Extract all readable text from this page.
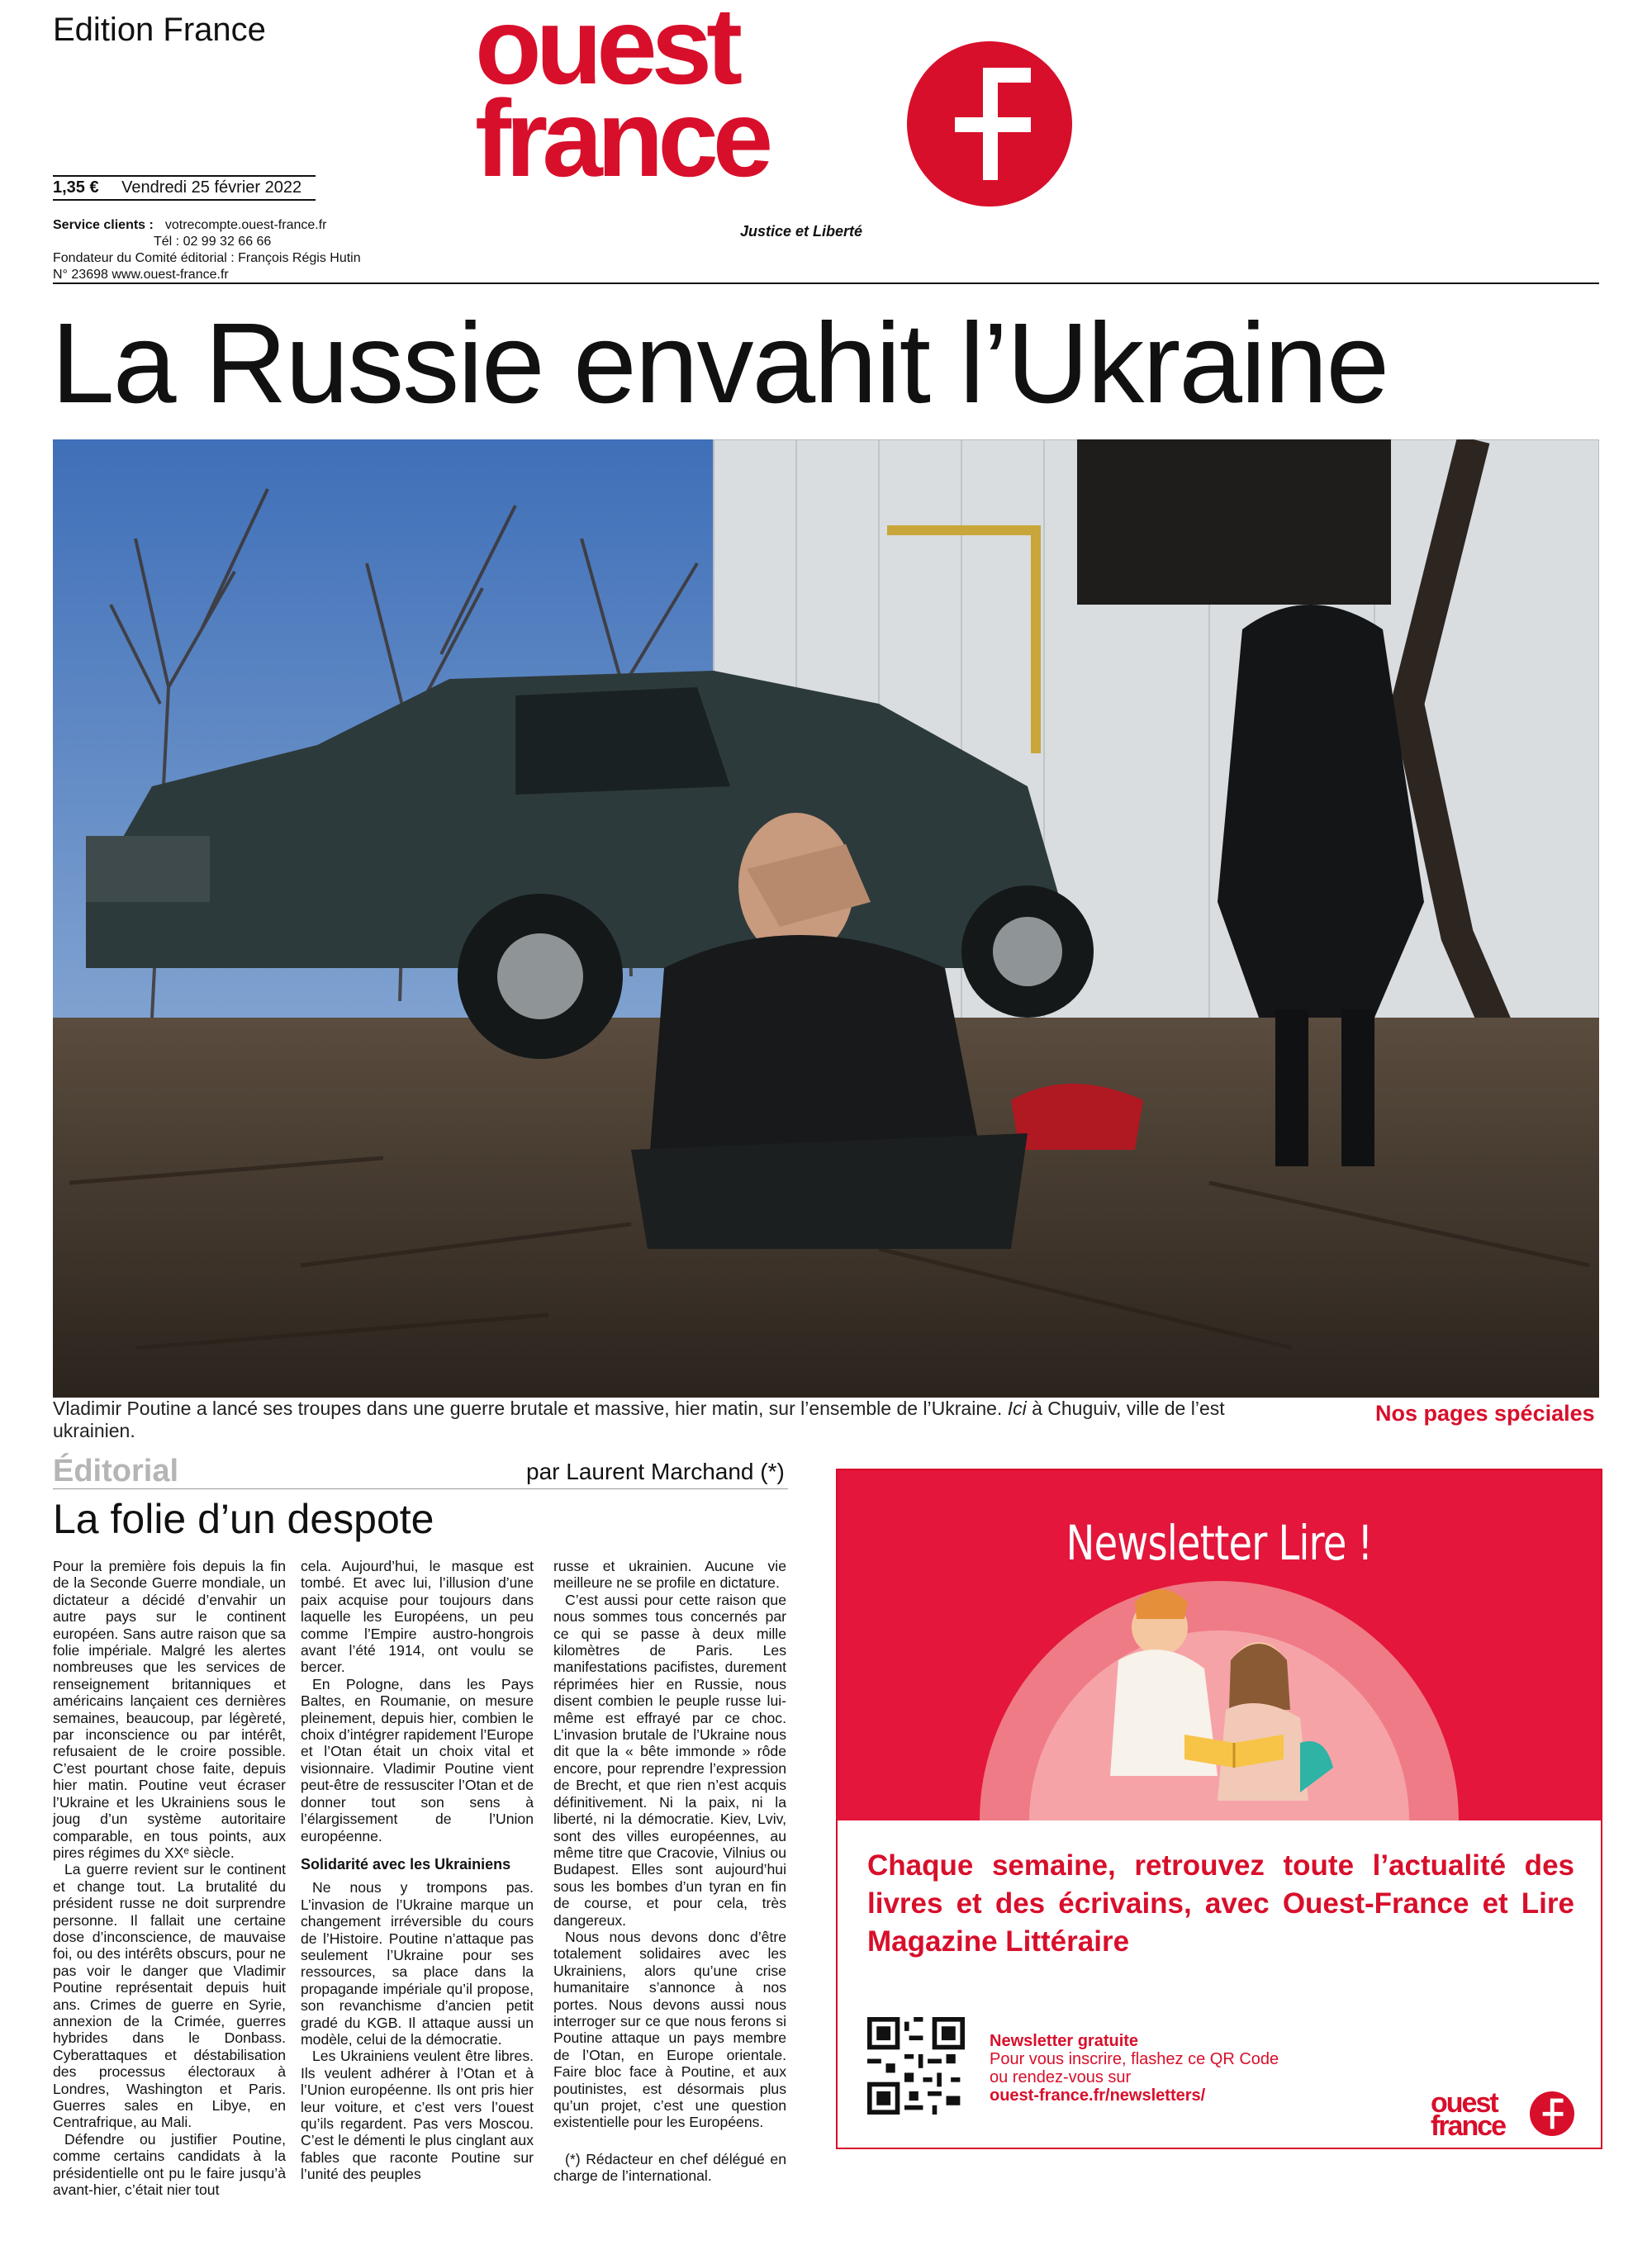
Edition France ouest
france
Justice et Liberté
1,35 € Vendredi 25 février 2022
Service clients : votrecompte.ouest-france.fr
Tél : 02 99 32 66 66
Fondateur du Comité éditorial : François Régis Hutin
N° 23698 www.ouest-france.fr
La Russie envahit l’Ukraine
Vladimir Poutine a lancé ses troupes dans une guerre brutale et massive, hier matin, sur l’ensemble de l’Ukraine. Ici à Chuguiv, ville de l’est ukrainien.
Nos pages spéciales
Éditorial	par Laurent Marchand (*)
La folie d’un despote

Pour la première fois depuis la fin de la Seconde Guerre mondiale, un dictateur a décidé d’envahir un autre pays sur le continent européen. Sans autre raison que sa folie impériale. Malgré les alertes nombreuses que les services de renseignement britanniques et américains lançaient ces dernières semaines, beaucoup, par légèreté, par inconscience ou par intérêt, refusaient de le croire possible. C’est pourtant chose faite, depuis hier matin. Poutine veut écraser l’Ukraine et les Ukrainiens sous le joug d’un système autoritaire comparable, en tous points, aux pires régimes du XXᵉ siècle.

La guerre revient sur le continent et change tout. La brutalité du président russe ne doit surprendre personne. Il fallait une certaine dose d’inconscience, de mauvaise foi, ou des intérêts obscurs, pour ne pas voir le danger que Vladimir Poutine représentait depuis huit ans. Crimes de guerre en Syrie, annexion de la Crimée, guerres hybrides dans le Donbass. Cyberattaques et déstabilisation des processus électoraux à Londres, Washington et Paris. Guerres sales en Libye, en Centrafrique, au Mali.

Défendre ou justifier Poutine, comme certains candidats à la présidentielle ont pu le faire jusqu’à avant-hier, c’était nier tout

cela. Aujourd’hui, le masque est tombé. Et avec lui, l’illusion d’une paix acquise pour toujours dans laquelle les Européens, un peu comme l’Empire austro-hongrois avant l’été 1914, ont voulu se bercer.

En Pologne, dans les Pays Baltes, en Roumanie, on mesure pleinement, depuis hier, combien le choix d’intégrer rapidement l’Europe et l’Otan était un choix vital et visionnaire. Vladimir Poutine vient peut-être de ressusciter l’Otan et de donner tout son sens à l’élargissement de l’Union européenne.

Solidarité avec les Ukrainiens

Ne nous y trompons pas. L’invasion de l’Ukraine marque un changement irréversible du cours de l’Histoire. Poutine n’attaque pas seulement l’Ukraine pour ses ressources, sa place dans la propagande impériale qu’il propose, son revanchisme d’ancien petit gradé du KGB. Il attaque aussi un modèle, celui de la démocratie.

Les Ukrainiens veulent être libres. Ils veulent adhérer à l’Otan et à l’Union européenne. Ils ont pris hier leur voiture, et c’est vers l’ouest qu’ils regardent. Pas vers Moscou. C’est le démenti le plus cinglant aux fables que raconte Poutine sur l’unité des peuples

russe et ukrainien. Aucune vie meilleure ne se profile en dictature.

C’est aussi pour cette raison que nous sommes tous concernés par ce qui se passe à deux mille kilomètres de Paris. Les manifestations pacifistes, durement réprimées hier en Russie, nous disent combien le peuple russe lui-même est effrayé par ce choc. L’invasion brutale de l’Ukraine nous dit que la « bête immonde » rôde encore, pour reprendre l’expression de Brecht, et que rien n’est acquis définitivement. Ni la paix, ni la liberté, ni la démocratie. Kiev, Lviv, sont des villes européennes, au même titre que Cracovie, Vilnius ou Budapest. Elles sont aujourd’hui sous les bombes d’un tyran en fin de course, et pour cela, très dangereux.

Nous nous devons donc d’être totalement solidaires avec les Ukrainiens, alors qu’une crise humanitaire s’annonce à nos portes. Nous devons aussi nous interroger sur ce que nous ferons si Poutine attaque un pays membre de l’Otan, en Europe orientale. Faire bloc face à Poutine, et aux poutinistes, est désormais plus qu’un projet, c’est une question existentielle pour les Européens.

(*) Rédacteur en chef délégué en charge de l’international.

Newsletter Lire !
Chaque semaine, retrouvez toute l’actualité des livres et des écrivains, avec Ouest-France et Lire Magazine Littéraire
Newsletter gratuite
Pour vous inscrire, flashez ce QR Code
ou rendez-vous sur
ouest-france.fr/newsletters/	ouest
france
